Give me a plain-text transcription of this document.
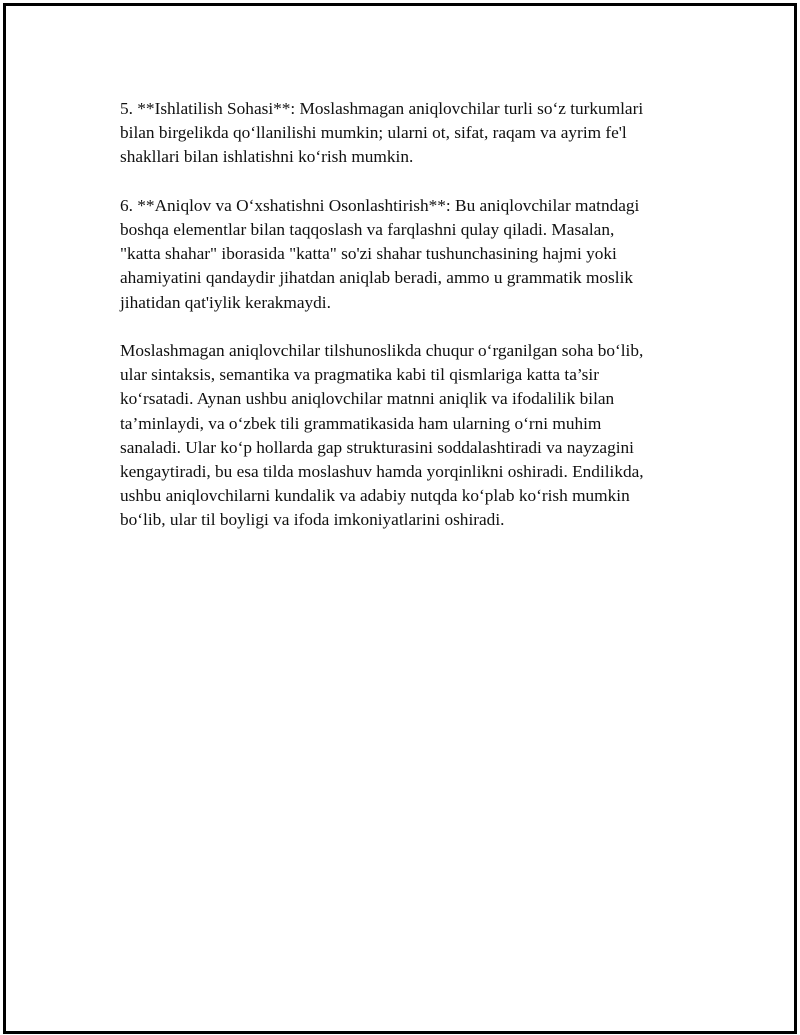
5. **Ishlatilish Sohasi**: Moslashmagan aniqlovchilar turli so‘z turkumlari
bilan birgelikda qo‘llanilishi mumkin; ularni ot, sifat, raqam va ayrim fe'l
shakllari bilan ishlatishni ko‘rish mumkin.

6. **Aniqlov va O‘xshatishni Osonlashtirish**: Bu aniqlovchilar matndagi
boshqa elementlar bilan taqqoslash va farqlashni qulay qiladi. Masalan,
"katta shahar" iborasida "katta" so'zi shahar tushunchasining hajmi yoki
ahamiyatini qandaydir jihatdan aniqlab beradi, ammo u grammatik moslik
jihatidan qat'iylik kerakmaydi.

Moslashmagan aniqlovchilar tilshunoslikda chuqur o‘rganilgan soha bo‘lib,
ular sintaksis, semantika va pragmatika kabi til qismlariga katta ta’sir
ko‘rsatadi. Aynan ushbu aniqlovchilar matnni aniqlik va ifodalilik bilan
ta’minlaydi, va o‘zbek tili grammatikasida ham ularning o‘rni muhim
sanaladi. Ular ko‘p hollarda gap strukturasini soddalashtiradi va nayzagini
kengaytiradi, bu esa tilda moslashuv hamda yorqinlikni oshiradi. Endilikda,
ushbu aniqlovchilarni kundalik va adabiy nutqda ko‘plab ko‘rish mumkin
bo‘lib, ular til boyligi va ifoda imkoniyatlarini oshiradi.
